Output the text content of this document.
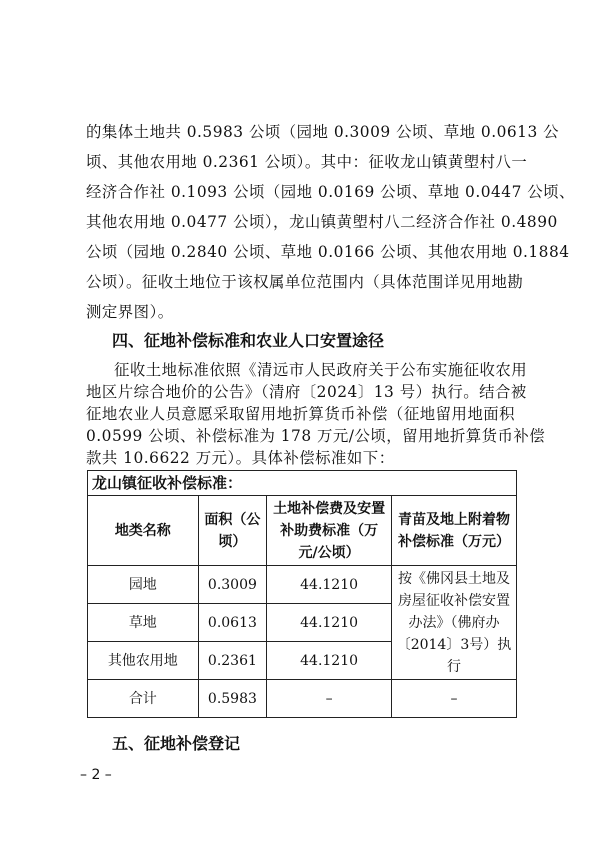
的集体土地共 0.5983 公顷（园地 0.3009 公顷、草地 0.0613 公
顷、其他农用地 0.2361 公顷）。其中：征收龙山镇黄塱村八一
经济合作社 0.1093 公顷（园地 0.0169 公顷、草地 0.0447 公顷、
其他农用地 0.0477 公顷），龙山镇黄塱村八二经济合作社 0.4890
公顷（园地 0.2840 公顷、草地 0.0166 公顷、其他农用地 0.1884
公顷）。征收土地位于该权属单位范围内（具体范围详见用地勘
测定界图）。
四、征地补偿标准和农业人口安置途径
征收土地标准依照《清远市人民政府关于公布实施征收农用
地区片综合地价的公告》（清府〔2024〕13 号）执行。结合被
征地农业人员意愿采取留用地折算货币补偿（征地留用地面积
0.0599 公顷、补偿标准为 178 万元/公顷，留用地折算货币补偿
龙山镇征收补偿标准：			
地类名称	面积（公顷）	土地补偿费及安置补助费标准（万元/公顷）	青苗及地上附着物补偿标准（万元）
园地	0.3009	44.1210	按《佛冈县土地及房屋征收补偿安置办法》（佛府办〔2014〕3号）执行
草地	0.0613	44.1210	
其他农用地	0.2361	44.1210	
合计	0.5983	–	–
五、征地补偿登记
– 2 –
款共 10.6622 万元）。具体补偿标准如下：
